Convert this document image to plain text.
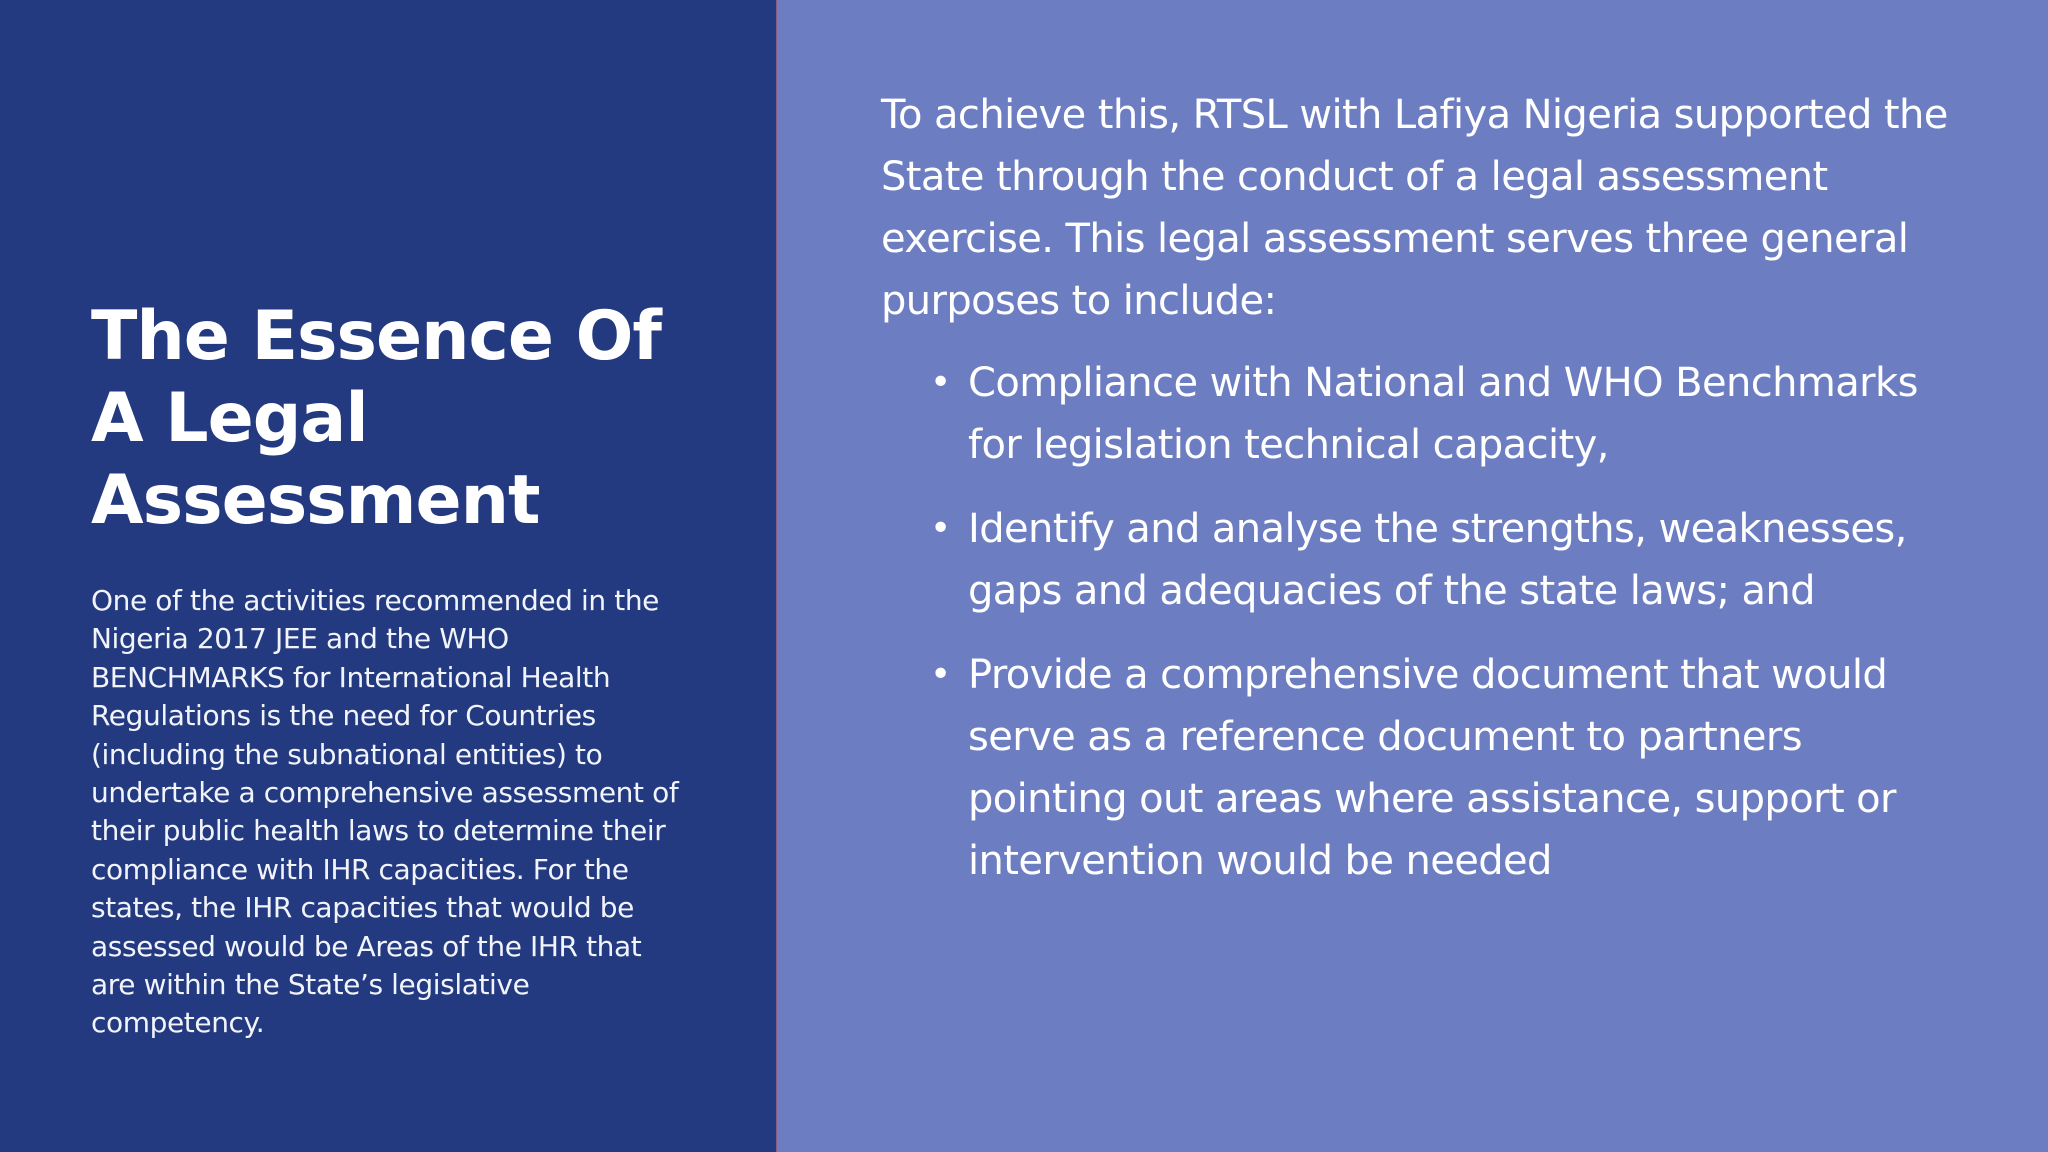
The Essence Of A Legal Assessment

One of the activities recommended in the Nigeria 2017 JEE and the WHO BENCHMARKS for International Health Regulations is the need for Countries (including the subnational entities) to undertake a comprehensive assessment of their public health laws to determine their compliance with IHR capacities. For the states, the IHR capacities that would be assessed would be Areas of the IHR that are within the State’s legislative competency.

To achieve this, RTSL with Lafiya Nigeria supported the State through the conduct of a legal assessment exercise. This legal assessment serves three general purposes to include:

• Compliance with National and WHO Benchmarks for legislation technical capacity,
• Identify and analyse the strengths, weaknesses, gaps and adequacies of the state laws; and
• Provide a comprehensive document that would serve as a reference document to partners pointing out areas where assistance, support or intervention would be needed
